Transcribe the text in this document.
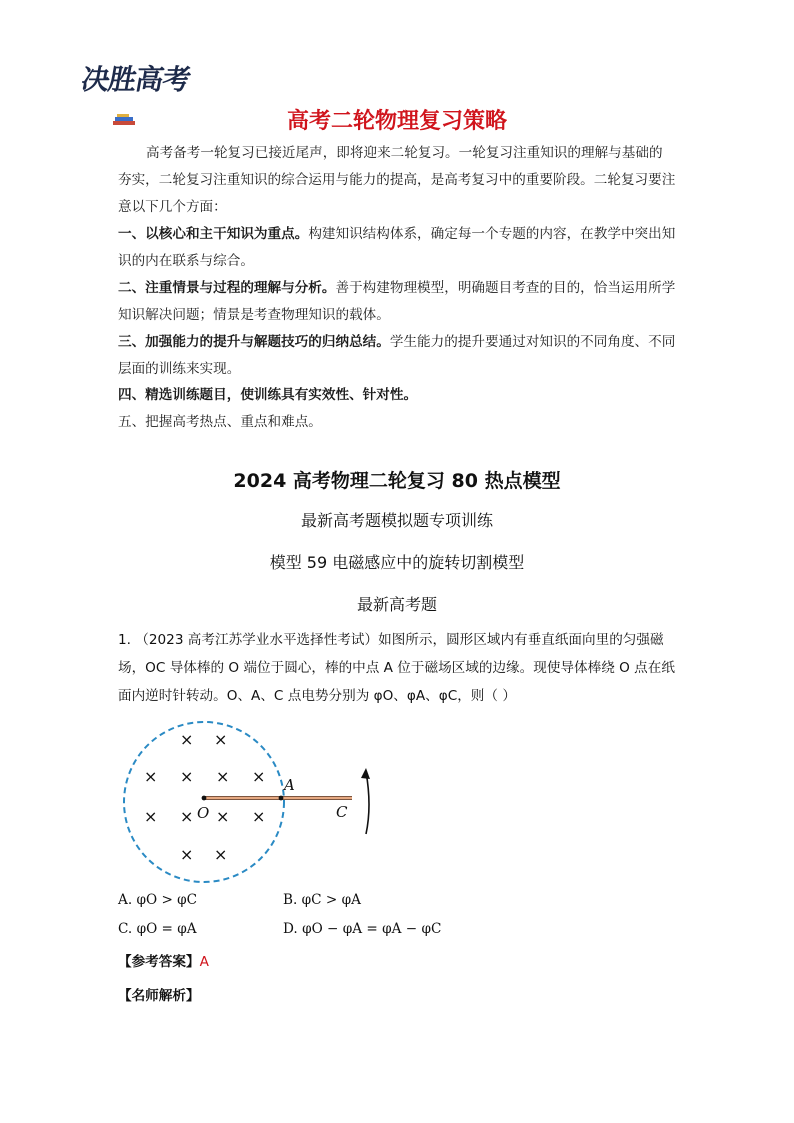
决胜高考
高考二轮物理复习策略
高考备考一轮复习已接近尾声，即将迎来二轮复习。一轮复习注重知识的理解与基础的夯实，二轮复习注重知识的综合运用与能力的提高，是高考复习中的重要阶段。二轮复习要注意以下几个方面：
一、以核心和主干知识为重点。构建知识结构体系，确定每一个专题的内容，在教学中突出知识的内在联系与综合。
二、注重情景与过程的理解与分析。善于构建物理模型，明确题目考查的目的，恰当运用所学知识解决问题；情景是考查物理知识的载体。
三、加强能力的提升与解题技巧的归纳总结。学生能力的提升要通过对知识的不同角度、不同层面的训练来实现。
四、精选训练题目，使训练具有实效性、针对性。
五、把握高考热点、重点和难点。
2024 高考物理二轮复习 80 热点模型
最新高考题模拟题专项训练
模型 59 电磁感应中的旋转切割模型
最新高考题
1. （2023 高考江苏学业水平选择性考试）如图所示，圆形区域内有垂直纸面向里的匀强磁场，OC 导体棒的 O 端位于圆心，棒的中点 A 位于磁场区域的边缘。现使导体棒绕 O 点在纸面内逆时针转动。O、A、C 点电势分别为 φO、φA、φC，则（ ）
× ×
× × × ×
× × × ×
× ×
O
A
C
A. φO > φC	B. φC > φA
C. φO = φA	D. φO − φA = φA − φC
【参考答案】A
【名师解析】
